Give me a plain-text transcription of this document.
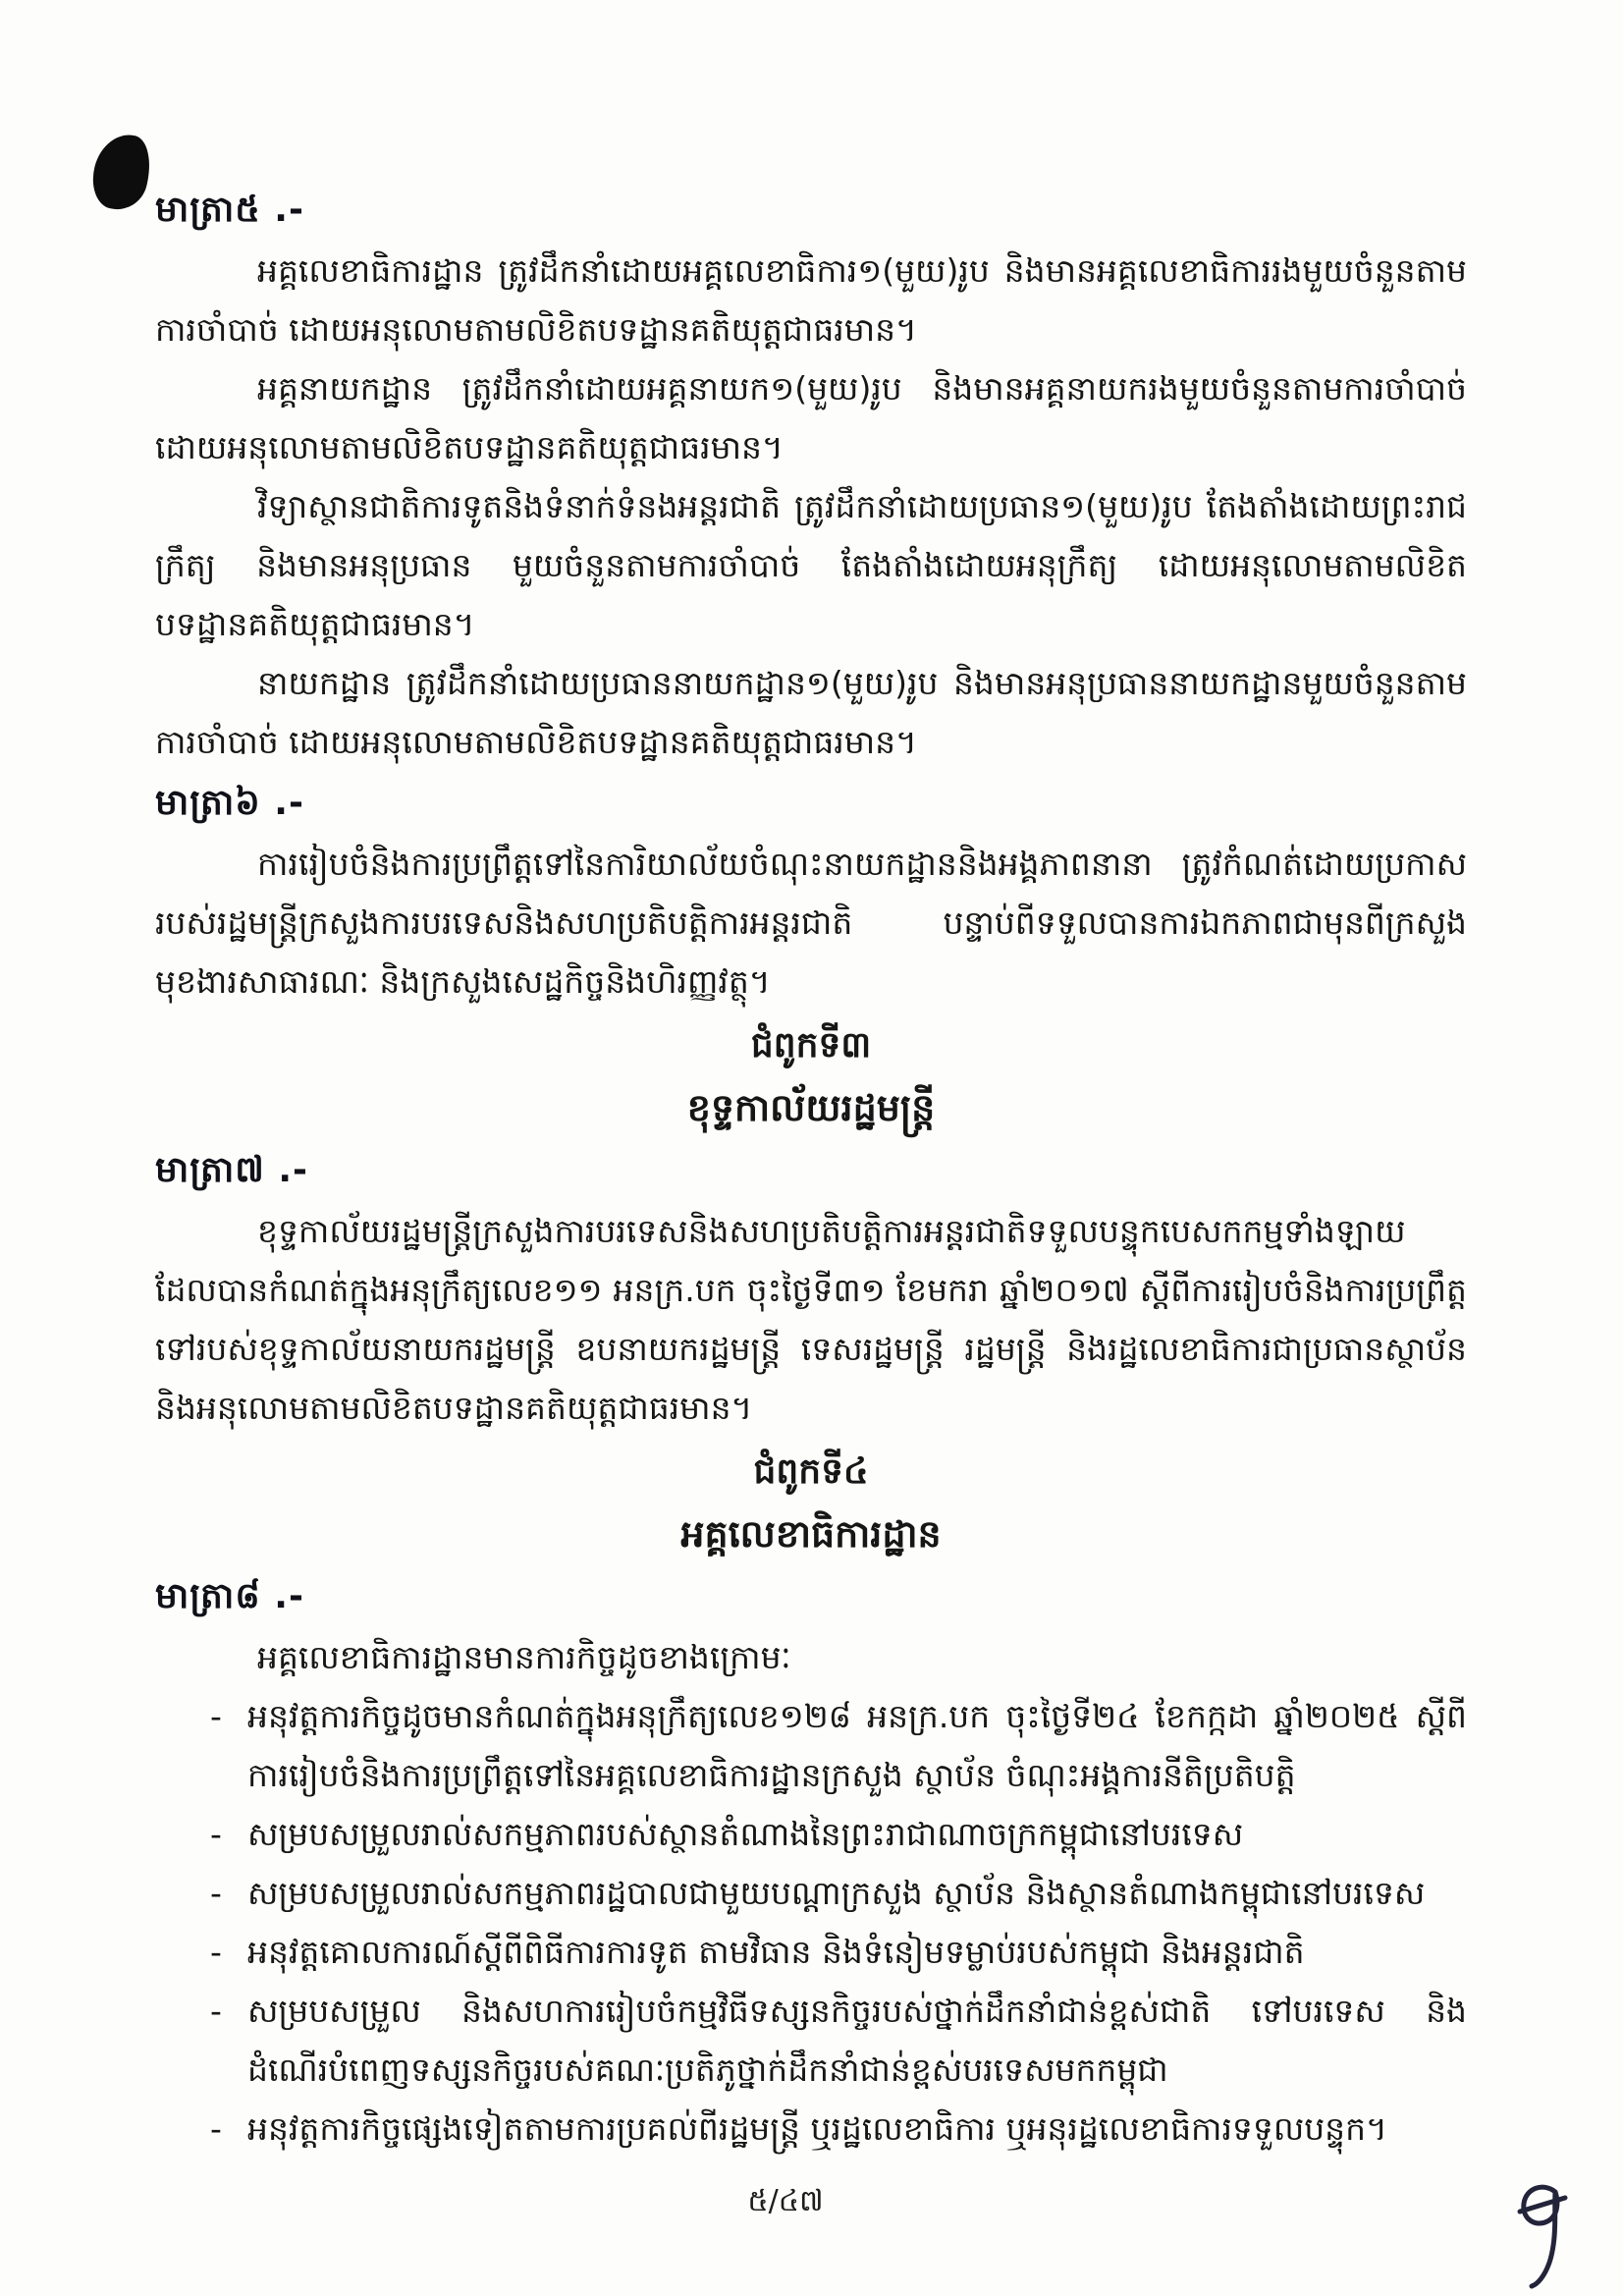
មាត្រា៥ .-

អគ្គលេខាធិការដ្ឋាន ត្រូវដឹកនាំដោយអគ្គលេខាធិការ១(មួយ)រូប និងមានអគ្គលេខាធិការរងមួយចំនួនតាមការចាំបាច់ ដោយអនុលោមតាមលិខិតបទដ្ឋានគតិយុត្តជាធរមាន។

អគ្គនាយកដ្ឋាន ត្រូវដឹកនាំដោយអគ្គនាយក១(មួយ)រូប និងមានអគ្គនាយករងមួយចំនួនតាមការចាំបាច់ ដោយអនុលោមតាមលិខិតបទដ្ឋានគតិយុត្តជាធរមាន។

វិទ្យាស្ថានជាតិការទូតនិងទំនាក់ទំនងអន្តរជាតិ ត្រូវដឹកនាំដោយប្រធាន១(មួយ)រូប តែងតាំងដោយព្រះរាជក្រឹត្យ និងមានអនុប្រធាន មួយចំនួនតាមការចាំបាច់ តែងតាំងដោយអនុក្រឹត្យ ដោយអនុលោមតាមលិខិតបទដ្ឋានគតិយុត្តជាធរមាន។

នាយកដ្ឋាន ត្រូវដឹកនាំដោយប្រធាននាយកដ្ឋាន១(មួយ)រូប និងមានអនុប្រធាននាយកដ្ឋានមួយចំនួនតាមការចាំបាច់ ដោយអនុលោមតាមលិខិតបទដ្ឋានគតិយុត្តជាធរមាន។

មាត្រា៦ .-

ការរៀបចំនិងការប្រព្រឹត្តទៅនៃការិយាល័យចំណុះនាយកដ្ឋាននិងអង្គភាពនានា ត្រូវកំណត់ដោយប្រកាសរបស់រដ្ឋមន្ត្រីក្រសួងការបរទេសនិងសហប្រតិបត្តិការអន្តរជាតិ បន្ទាប់ពីទទួលបានការឯកភាពជាមុនពីក្រសួងមុខងារសាធារណៈ និងក្រសួងសេដ្ឋកិច្ចនិងហិរញ្ញវត្ថុ។

ជំពូកទី៣
ខុទ្ទកាល័យរដ្ឋមន្ត្រី
មាត្រា៧ .-

ខុទ្ទកាល័យរដ្ឋមន្ត្រីក្រសួងការបរទេសនិងសហប្រតិបត្តិការអន្តរជាតិទទួលបន្ទុកបេសកកម្មទាំងឡាយដែលបានកំណត់ក្នុងអនុក្រឹត្យលេខ១១ អនក្រ.បក ចុះថ្ងៃទី៣១ ខែមករា ឆ្នាំ២០១៧ ស្តីពីការរៀបចំនិងការប្រព្រឹត្តទៅរបស់ខុទ្ទកាល័យនាយករដ្ឋមន្ត្រី ឧបនាយករដ្ឋមន្ត្រី ទេសរដ្ឋមន្ត្រី រដ្ឋមន្ត្រី និងរដ្ឋលេខាធិការជាប្រធានស្ថាប័ន និងអនុលោមតាមលិខិតបទដ្ឋានគតិយុត្តជាធរមាន។

ជំពូកទី៤
អគ្គលេខាធិការដ្ឋាន
មាត្រា៨ .-

អគ្គលេខាធិការដ្ឋានមានការកិច្ចដូចខាងក្រោមៈ

- អនុវត្តការកិច្ចដូចមានកំណត់ក្នុងអនុក្រឹត្យលេខ១២៨ អនក្រ.បក ចុះថ្ងៃទី២៤ ខែកក្កដា ឆ្នាំ២០២៥ ស្តីពីការរៀបចំនិងការប្រព្រឹត្តទៅនៃអគ្គលេខាធិការដ្ឋានក្រសួង ស្ថាប័ន ចំណុះអង្គការនីតិប្រតិបត្តិ
- សម្របសម្រួលរាល់សកម្មភាពរបស់ស្ថានតំណាងនៃព្រះរាជាណាចក្រកម្ពុជានៅបរទេស
- សម្របសម្រួលរាល់សកម្មភាពរដ្ឋបាលជាមួយបណ្ដាក្រសួង ស្ថាប័ន និងស្ថានតំណាងកម្ពុជានៅបរទេស
- អនុវត្តគោលការណ៍ស្តីពីពិធីការការទូត តាមវិធាន និងទំនៀមទម្លាប់របស់កម្ពុជា និងអន្តរជាតិ
- សម្របសម្រួល និងសហការរៀបចំកម្មវិធីទស្សនកិច្ចរបស់ថ្នាក់ដឹកនាំជាន់ខ្ពស់ជាតិ ទៅបរទេស និង ដំណើរបំពេញទស្សនកិច្ចរបស់គណៈប្រតិភូថ្នាក់ដឹកនាំជាន់ខ្ពស់បរទេសមកកម្ពុជា
- អនុវត្តការកិច្ចផ្សេងទៀតតាមការប្រគល់ពីរដ្ឋមន្ត្រី ឬរដ្ឋលេខាធិការ ឬអនុរដ្ឋលេខាធិការទទួលបន្ទុក។
៥/៤៧
